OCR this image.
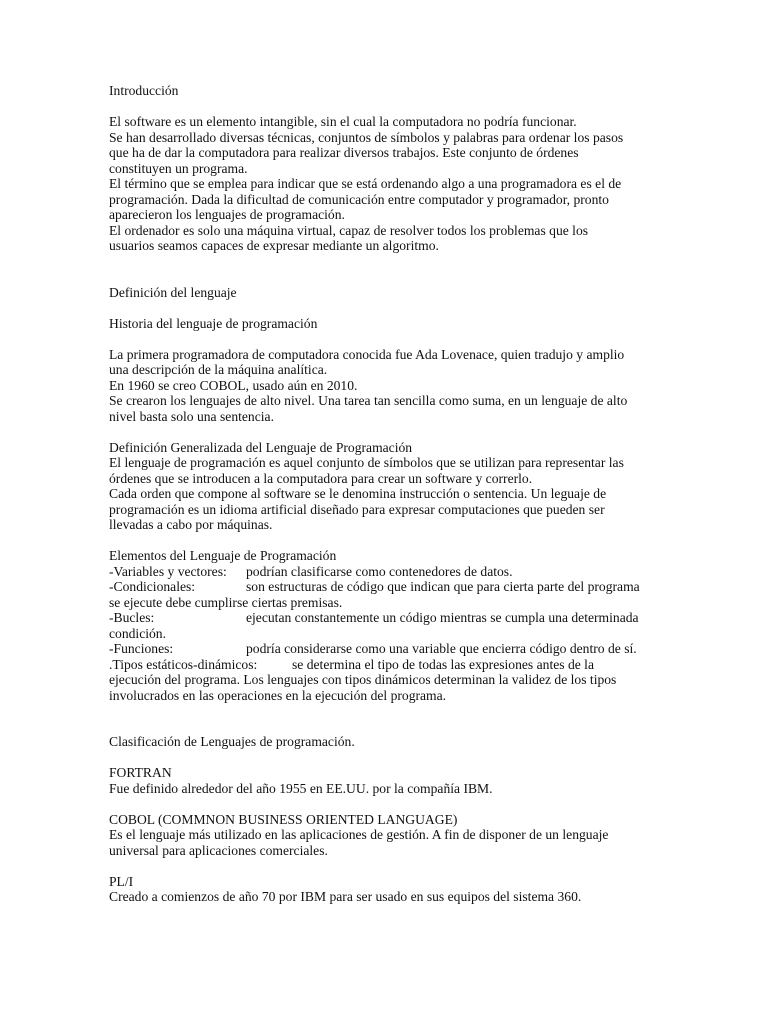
Introducción

El software es un elemento intangible, sin el cual la computadora no podría funcionar.

Se han desarrollado diversas técnicas, conjuntos de símbolos y palabras para ordenar los pasos

que ha de dar la computadora para realizar diversos trabajos. Este conjunto de órdenes

constituyen un programa.

El término que se emplea para indicar que se está ordenando algo a una programadora es el de

programación. Dada la dificultad de comunicación entre computador y programador, pronto

aparecieron los lenguajes de programación.

El ordenador es solo una máquina virtual, capaz de resolver todos los problemas que los

usuarios seamos capaces de expresar mediante un algoritmo.

Definición del lenguaje

Historia del lenguaje de programación

La primera programadora de computadora conocida fue Ada Lovenace, quien tradujo y amplio

una descripción de la máquina analítica.

En 1960 se creo COBOL, usado aún en 2010.

Se crearon los lenguajes de alto nivel. Una tarea tan sencilla como suma, en un lenguaje de alto

nivel basta solo una sentencia.

Definición Generalizada del Lenguaje de Programación

El lenguaje de programación es aquel conjunto de símbolos que se utilizan para representar las

órdenes que se introducen a la computadora para crear un software y correrlo.

Cada orden que compone al software se le denomina instrucción o sentencia. Un leguaje de

programación es un idioma artificial diseñado para expresar computaciones que pueden ser

llevadas a cabo por máquinas.

Elementos del Lenguaje de Programación

-Variables y vectores: podrían clasificarse como contenedores de datos.

-Condicionales:	son estructuras de código que indican que para cierta parte del programa

se ejecute debe cumplirse ciertas premisas.

-Bucles:	ejecutan constantemente un código mientras se cumpla una determinada

condición.

-Funciones:	podría considerarse como una variable que encierra código dentro de sí.

.Tipos estáticos-dinámicos:	se determina el tipo de todas las expresiones antes de la

ejecución del programa. Los lenguajes con tipos dinámicos determinan la validez de los tipos

involucrados en las operaciones en la ejecución del programa.

Clasificación de Lenguajes de programación.

FORTRAN

Fue definido alrededor del año 1955 en EE.UU. por la compañía IBM.

COBOL (COMMNON BUSINESS ORIENTED LANGUAGE)

Es el lenguaje más utilizado en las aplicaciones de gestión. A fin de disponer de un lenguaje

universal para aplicaciones comerciales.

PL/I

Creado a comienzos de año 70 por IBM para ser usado en sus equipos del sistema 360.
